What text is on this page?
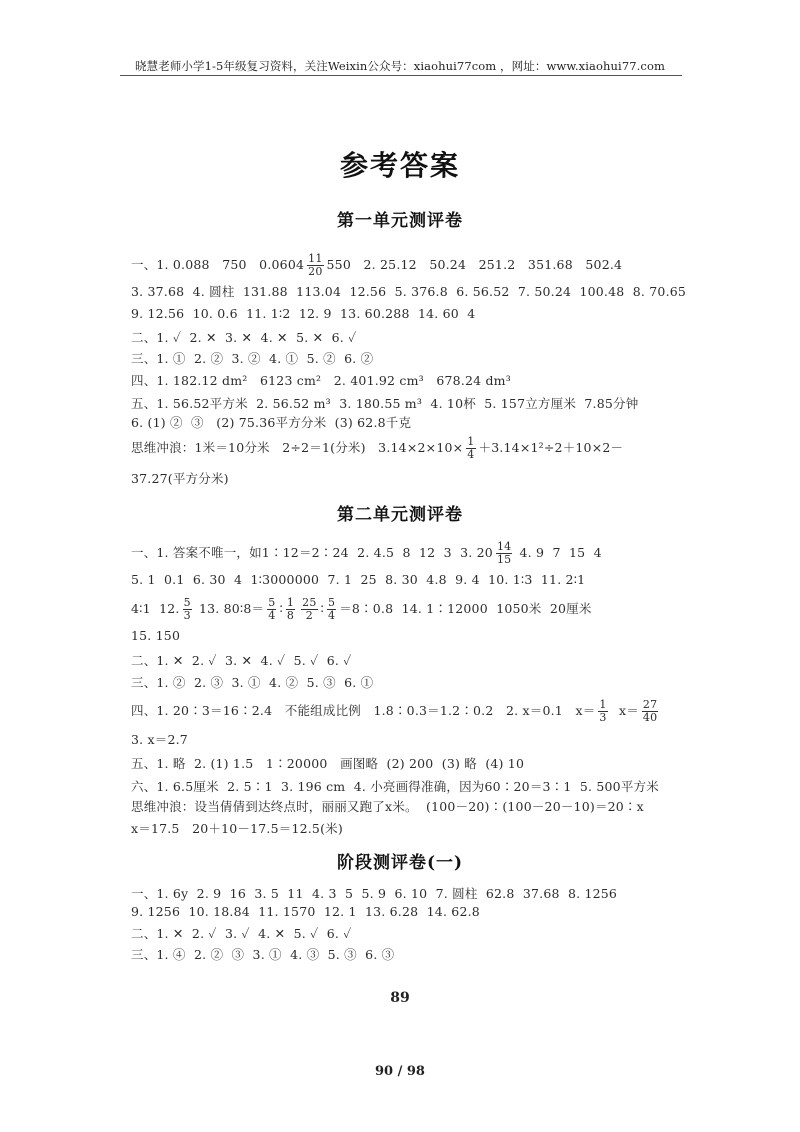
晓慧老师小学1-5年级复习资料，关注Weixin公众号：xiaohui77com ，网址：www.xiaohui77.com
参考答案
第一单元测评卷
一、1. 0.088   750   $0.0604 \frac{11}{20} 550$   2. 25.12   50.24   251.2   351.68   502.4
3. 37.68  4. 圆柱  131.88  113.04  12.56  5. 376.8  6. 56.52  7. 50.24  100.48  8. 70.65
9. 12.56  10. 0.6  11. 1∶2  12. 9  13. 60.288  14. 60  4
二、1. ✓  2. ✕  3. ✕  4. ✕  5. ✕  6. ✓
三、1. ①  2. ②  3. ②  4. ①  5. ②  6. ②
四、1. 182.12 dm²   6123 cm²   2. 401.92 cm³   678.24 dm³
五、1. 56.52平方米  2. 56.52 m³  3. 180.55 m³  4. 10杯  5. 157立方厘米  7.85分钟
6. (1) ②  ③   (2) 75.36平方分米  (3) 62.8千克
思维冲浪：1米＝10分米   2÷2＝1(分米)   $3.14\times 2\times 10\times \frac{1}{4} +3.14\times 1^2\div 2+10\times 2-$
37.27(平方分米)
第二单元测评卷
一、1. 答案不唯一，如1∶12＝2∶24  2. 4.5  8  12  3  3. $20 \frac{14}{15} 4$. 9  7  15  4
5. 1  0.1  6. 30  4  1∶3000000  7. 1  25  8. 30  4.8  9. 4  10. 1∶3  11. 2∶1
4∶1  12. $\frac{5}{3} 13$. 80∶8＝ $\frac{5}{4}$ ∶ $\frac{1}{8} \frac{25}{2}$ ∶ $\frac{5}{4}$ ＝8∶0.8  14. 1∶12000  1050米  20厘米
15. 150
二、1. ✕  2. ✓  3. ✕  4. ✓  5. ✓  6. ✓
三、1. ②  2. ③  3. ①  4. ②  5. ③  6. ①
四、1. 20∶3＝16∶2.4   不能组成比例   1.8∶0.3＝1.2∶0.2   2. x＝0.1   $x= \frac{1}{3} x= \frac{27}{40}$
3. x＝2.7
五、1. 略  2. (1) 1.5   1∶20000   画图略  (2) 200  (3) 略  (4) 10
六、1. 6.5厘米  2. 5∶1  3. 196 cm  4. 小亮画得准确，因为60∶20＝3∶1  5. 500平方米
思维冲浪：设当倩倩到达终点时，丽丽又跑了x米。  (100－20)∶(100－20－10)＝20∶x
x＝17.5   20＋10－17.5＝12.5(米)
阶段测评卷(一)
一、1. 6y  2. 9  16  3. 5  11  4. 3  5  5. 9  6. 10  7. 圆柱  62.8  37.68  8. 1256
9. 1256  10. 18.84  11. 1570  12. 1  13. 6.28  14. 62.8
二、1. ✕  2. ✓  3. ✓  4. ✕  5. ✓  6. ✓
三、1. ④  2. ②  ③  3. ①  4. ③  5. ③  6. ③
89
90 / 98
